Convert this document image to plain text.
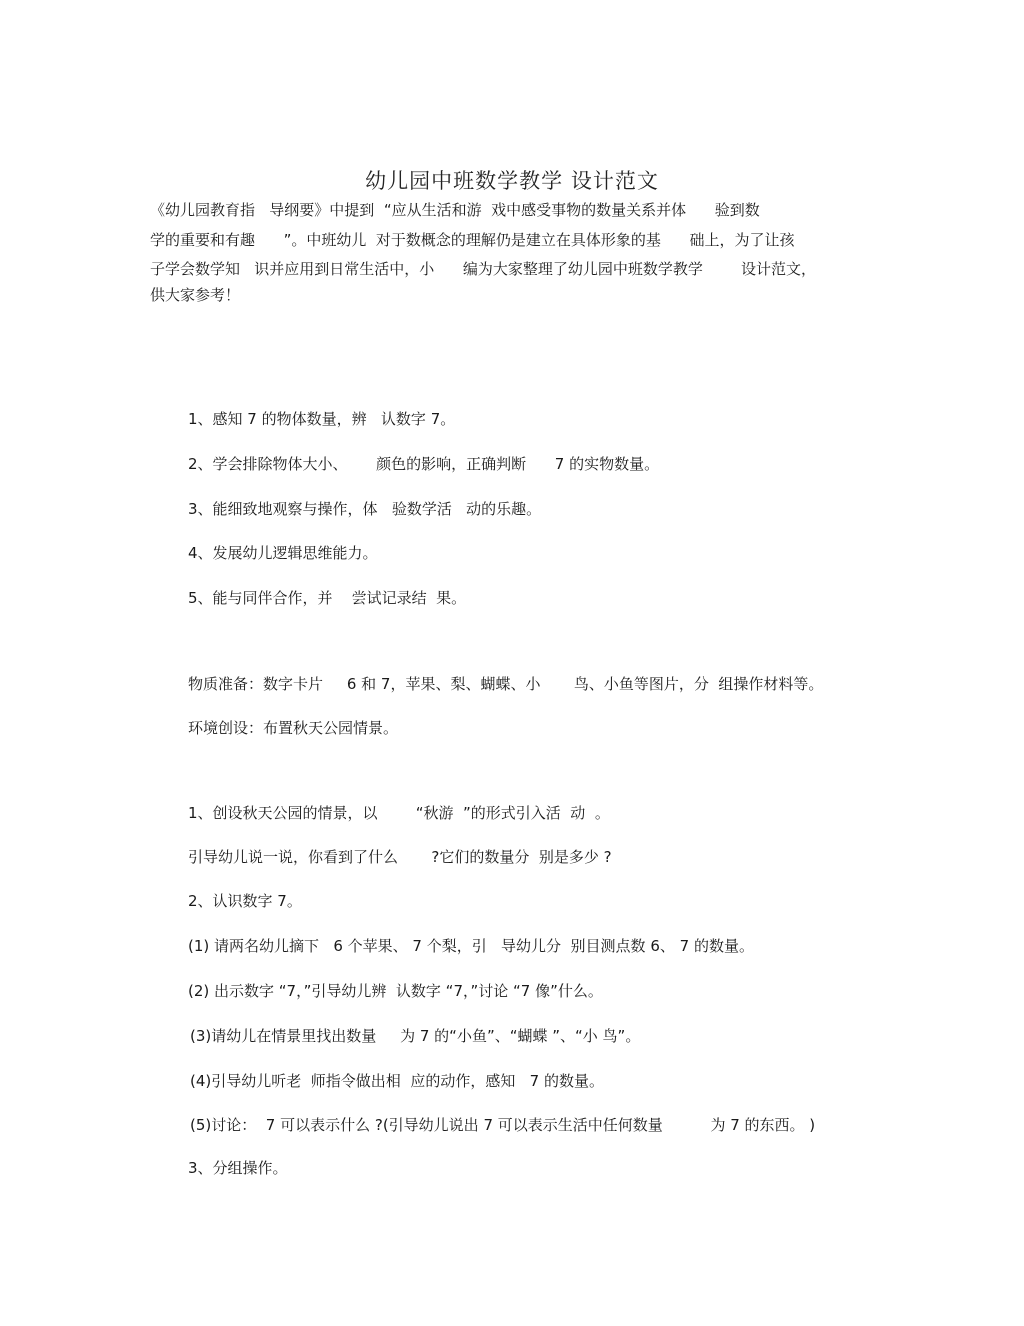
幼儿园中班数学教学 设计范文
《幼儿园教育指   导纲要》中提到  “应从生活和游  戏中感受事物的数量关系并体      验到数
学的重要和有趣      ”。中班幼儿  对于数概念的理解仍是建立在具体形象的基      础上，为了让孩
子学会数学知   识并应用到日常生活中，小      编为大家整理了幼儿园中班数学教学        设计范文，
供大家参考！
1、感知 7 的物体数量，辨   认数字 7。
2、学会排除物体大小、      颜色的影响，正确判断      7 的实物数量。
3、能细致地观察与操作，体   验数学活   动的乐趣。
4、发展幼儿逻辑思维能力。
5、能与同伴合作，并    尝试记录结  果。
物质准备：数字卡片     6 和 7，苹果、梨、蝴蝶、小       鸟、小鱼等图片，分  组操作材料等。
环境创设：布置秋天公园情景。
1、创设秋天公园的情景，以        “秋游  ”的形式引入活  动  。
引导幼儿说一说，你看到了什么       ?它们的数量分  别是多少 ?
2、认识数字 7。
(1) 请两名幼儿摘下   6 个苹果、 7 个梨，引   导幼儿分  别目测点数 6、 7 的数量。
(2) 出示数字 “7，”引导幼儿辨  认数字 “7，”讨论 “7 像”什么。
(3)请幼儿在情景里找出数量     为 7 的“小鱼”、“蝴蝶 ”、“小 鸟”。
(4)引导幼儿听老  师指令做出相  应的动作，感知   7 的数量。
(5)讨论：  7 可以表示什么 ?(引导幼儿说出 7 可以表示生活中任何数量          为 7 的东西。 )
3、分组操作。
